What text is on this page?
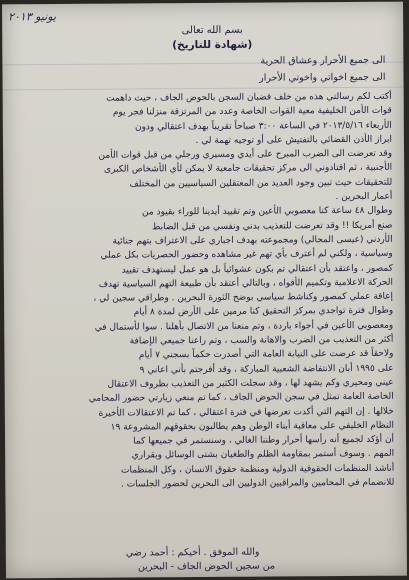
يونيو ٢٠١٣
بسم الله تعالى
(شهادة للتاريخ)
الى جميع الأحرار وعشاق الحرية
الى جميع اخواتي واخوتي الأحرار
أكتب لكم رسالتي هذه من خلف قضبان السجن بالحوض الجاف ، حيث داهمت
قوات الأمن الخليفية معية القوات الخاصة وعدد من المرتزقة منزلنا فجر يوم
الأربعاء ٢٠١٣/٥/١٦ في الساعة ٣:٠٠ صباحاً تقريباً بهدف اعتقالي ودون
ابراز الأذن القضائي بالتفتيش على أو توجيه تهمة لي .
وقد تعرضت الى الضرب المبرح على أيدي ومسيري ورجلي من قبل قوات الأمن
الأجنبية ، ثم اقتادوني الى مركز تحقيقات جامعية لا يمكن لأي الأشخاص الكبرى
للتحقيقات حيث تبين وجود العديد من المعتقلين السياسيين من المختلف
أعمار البحرين .
وطوال ٤٨ ساعة كنا معصوبي الأعين وتم تقييد أيدينا للوراء بقيود من
صنع أمريكا !! وقد تعرضت للتعذيب بدني ونفسي من قبل الضابط
الأردني (عيسى المجالي) ومجموعته بهدف اجباري على الاعتراف بتهم جنائية
وسياسية ، ولكني لم أعترف بأي تهم غير مشاهده وحضور الحصريات بكل عملي
كمصور ، واعتقد بأن اعتقالي تم بكون عشوائياً بل هو عمل ليستهدف تقييد
الحركة الاعلامية وتكميم الأفواه ، وبالتالي أعتقد بأن طبيعة التهم السياسية تهدف
إعاقة عملي كمصور وكناشط سياسي بوضح الثورة البحرين . وطراقي سجين لي ،
وطوال فترة تواجدي بمركز التحقيق كنا مرمين على الأرض لمدة ٨ أيام
ومعصوبي الأعين في أجواء باردة ، وتم منعنا من الاتصال بأهلنا . سوا لأستمال في
أكثر من التعذيب من الضرب والاهانة والسب ، وتم راعنا جميعي الإضافة
ولاحقاً قد عرضت على النيابة العامة التي أصدرت حكماً بسجني ٧ أيام
على ١٩٩٥ أبان الانتفاضة الشعبية المباركة ، وقد أفرجتم بأني اعاني ٩
عيني ومحيري وكم يشهد لها ، وقد سجلت الكثير من التعذيب بظروف الاعتقال
الخاصة العامة تمثل في سجن الحوض الجاف ، كما تم منعي زيارتي حضور المحامي
خلالها . إن التهم التي أكدت تعرضها في فترة اعتقالي ، كما تم الاعتقالات الأخيرة
النظام الخليفي على معاقبة أبناء الوطن وهم يطالبون بحقوقهم المشروعة ١٩
أن أؤكد لجميع أنه رأسها أحرار وطننا الغالي ، وسنستمر في جميعها كما
المهم . وسوف أستمر بمقاومة الظلم والطغيان بشتى الوسائل وبقراري
أناشد المنظمات الحقوقية الدولية ومنظمة حقوق الانسان ، وكل المنظمات
للانضمام في المحامين والمراقبين الدوليين الى البحرين لحضور الجلسات .
والله الموفق . أخيكم : أحمد رضي
من سجين الحوض الجاف - البحرين
